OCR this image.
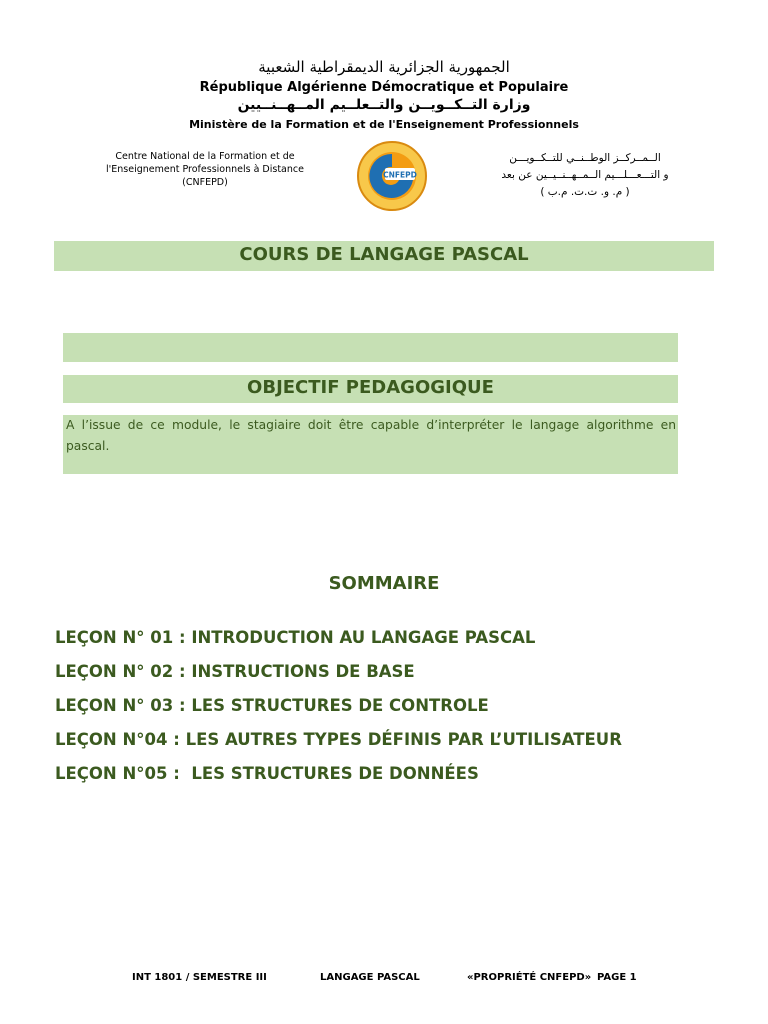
الجمهورية الجزائرية الديمقراطية الشعبية
République Algérienne Démocratique et Populaire
وزارة التــكــويــن والتــعلــيم المــهــنــيين
Ministère de la Formation et de l'Enseignement Professionnels
Centre National de la Formation et de
l'Enseignement Professionnels à Distance
(CNFEPD)
الــمــركــز الوطــنــي للتــكــويـــن
و التـــعـــلـــيم الــمــهــنــيــين عن بعد
( م. و. ت.ت. م.ب )
CNFEPD
COURS DE LANGAGE PASCAL
OBJECTIF PEDAGOGIQUE
A l’issue de ce module, le stagiaire doit être capable d’interpréter le langage algorithme en pascal.
SOMMAIRE
LEÇON N° 01 : INTRODUCTION AU LANGAGE PASCAL
LEÇON N° 02 : INSTRUCTIONS DE BASE
LEÇON N° 03 : LES STRUCTURES DE CONTROLE
LEÇON N°04 : LES AUTRES TYPES DÉFINIS PAR L’UTILISATEUR
LEÇON N°05 :  LES STRUCTURES DE DONNÉES
INT 1801 / SEMESTRE III	LANGAGE PASCAL	«PROPRIÉTÉ CNFEPD» PAGE 1
